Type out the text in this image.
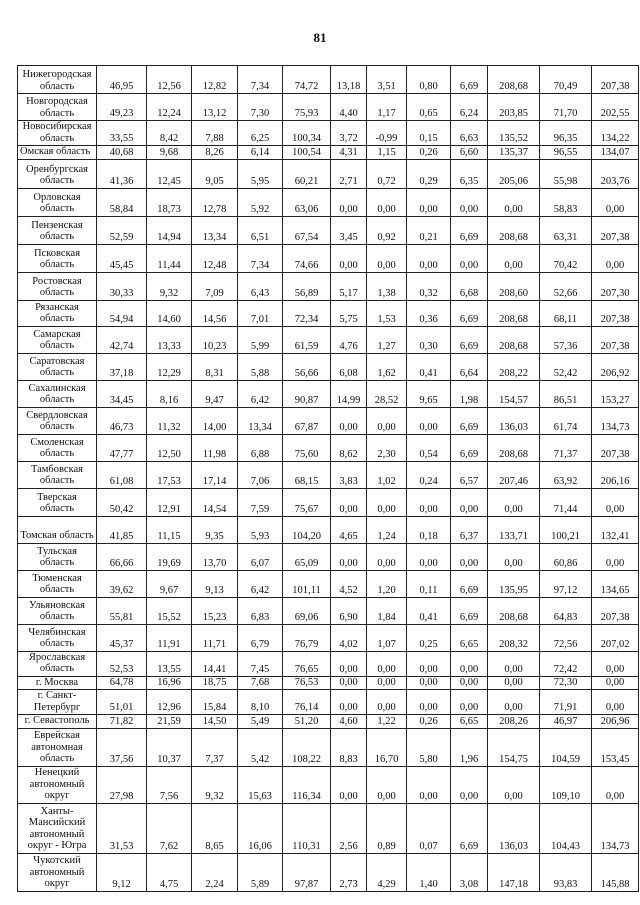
81
Нижегородская область	46,95	12,56	12,82	7,34	74,72	13,18	3,51	0,80	6,69	208,68	70,49	207,38
Новгородская область	49,23	12,24	13,12	7,30	75,93	4,40	1,17	0,65	6,24	203,85	71,70	202,55
Новосибирская область	33,55	8,42	7,88	6,25	100,34	3,72	-0,99	0,15	6,63	135,52	96,35	134,22
Омская область	40,68	9,68	8,26	6,14	100,54	4,31	1,15	0,26	6,60	135,37	96,55	134,07
Оренбургская область	41,36	12,45	9,05	5,95	60,21	2,71	0,72	0,29	6,35	205,06	55,98	203,76
Орловская область	58,84	18,73	12,78	5,92	63,06	0,00	0,00	0,00	0,00	0,00	58,83	0,00
Пензенская область	52,59	14,94	13,34	6,51	67,54	3,45	0,92	0,21	6,69	208,68	63,31	207,38
Псковская область	45,45	11,44	12,48	7,34	74,66	0,00	0,00	0,00	0,00	0,00	70,42	0,00
Ростовская область	30,33	9,32	7,09	6,43	56,89	5,17	1,38	0,32	6,68	208,60	52,66	207,30
Рязанская область	54,94	14,60	14,56	7,01	72,34	5,75	1,53	0,36	6,69	208,68	68,11	207,38
Самарская область	42,74	13,33	10,23	5,99	61,59	4,76	1,27	0,30	6,69	208,68	57,36	207,38
Саратовская область	37,18	12,29	8,31	5,88	56,66	6,08	1,62	0,41	6,64	208,22	52,42	206,92
Сахалинская область	34,45	8,16	9,47	6,42	90,87	14,99	28,52	9,65	1,98	154,57	86,51	153,27
Свердловская область	46,73	11,32	14,00	13,34	67,87	0,00	0,00	0,00	6,69	136,03	61,74	134,73
Смоленская область	47,77	12,50	11,98	6,88	75,60	8,62	2,30	0,54	6,69	208,68	71,37	207,38
Тамбовская область	61,08	17,53	17,14	7,06	68,15	3,83	1,02	0,24	6,57	207,46	63,92	206,16
Тверская область	50,42	12,91	14,54	7,59	75,67	0,00	0,00	0,00	0,00	0,00	71,44	0,00
Томская область	41,85	11,15	9,35	5,93	104,20	4,65	1,24	0,18	6,37	133,71	100,21	132,41
Тульская область	66,66	19,69	13,70	6,07	65,09	0,00	0,00	0,00	0,00	0,00	60,86	0,00
Тюменская область	39,62	9,67	9,13	6,42	101,11	4,52	1,20	0,11	6,69	135,95	97,12	134,65
Ульяновская область	55,81	15,52	15,23	6,83	69,06	6,90	1,84	0,41	6,69	208,68	64,83	207,38
Челябинская область	45,37	11,91	11,71	6,79	76,79	4,02	1,07	0,25	6,65	208,32	72,56	207,02
Ярославская область	52,53	13,55	14,41	7,45	76,65	0,00	0,00	0,00	0,00	0,00	72,42	0,00
г. Москва	64,78	16,96	18,75	7,68	76,53	0,00	0,00	0,00	0,00	0,00	72,30	0,00
г. Санкт-Петербург	51,01	12,96	15,84	8,10	76,14	0,00	0,00	0,00	0,00	0,00	71,91	0,00
г. Севастополь	71,82	21,59	14,50	5,49	51,20	4,60	1,22	0,26	6,65	208,26	46,97	206,96
Еврейская автономная область	37,56	10,37	7,37	5,42	108,22	8,83	16,70	5,80	1,96	154,75	104,59	153,45
Ненецкий автономный округ	27,98	7,56	9,32	15,63	116,34	0,00	0,00	0,00	0,00	0,00	109,10	0,00
Ханты-Мансийский автономный округ - Югра	31,53	7,62	8,65	16,06	110,31	2,56	0,89	0,07	6,69	136,03	104,43	134,73
Чукотский автономный округ	9,12	4,75	2,24	5,89	97,87	2,73	4,29	1,40	3,08	147,18	93,83	145,88
